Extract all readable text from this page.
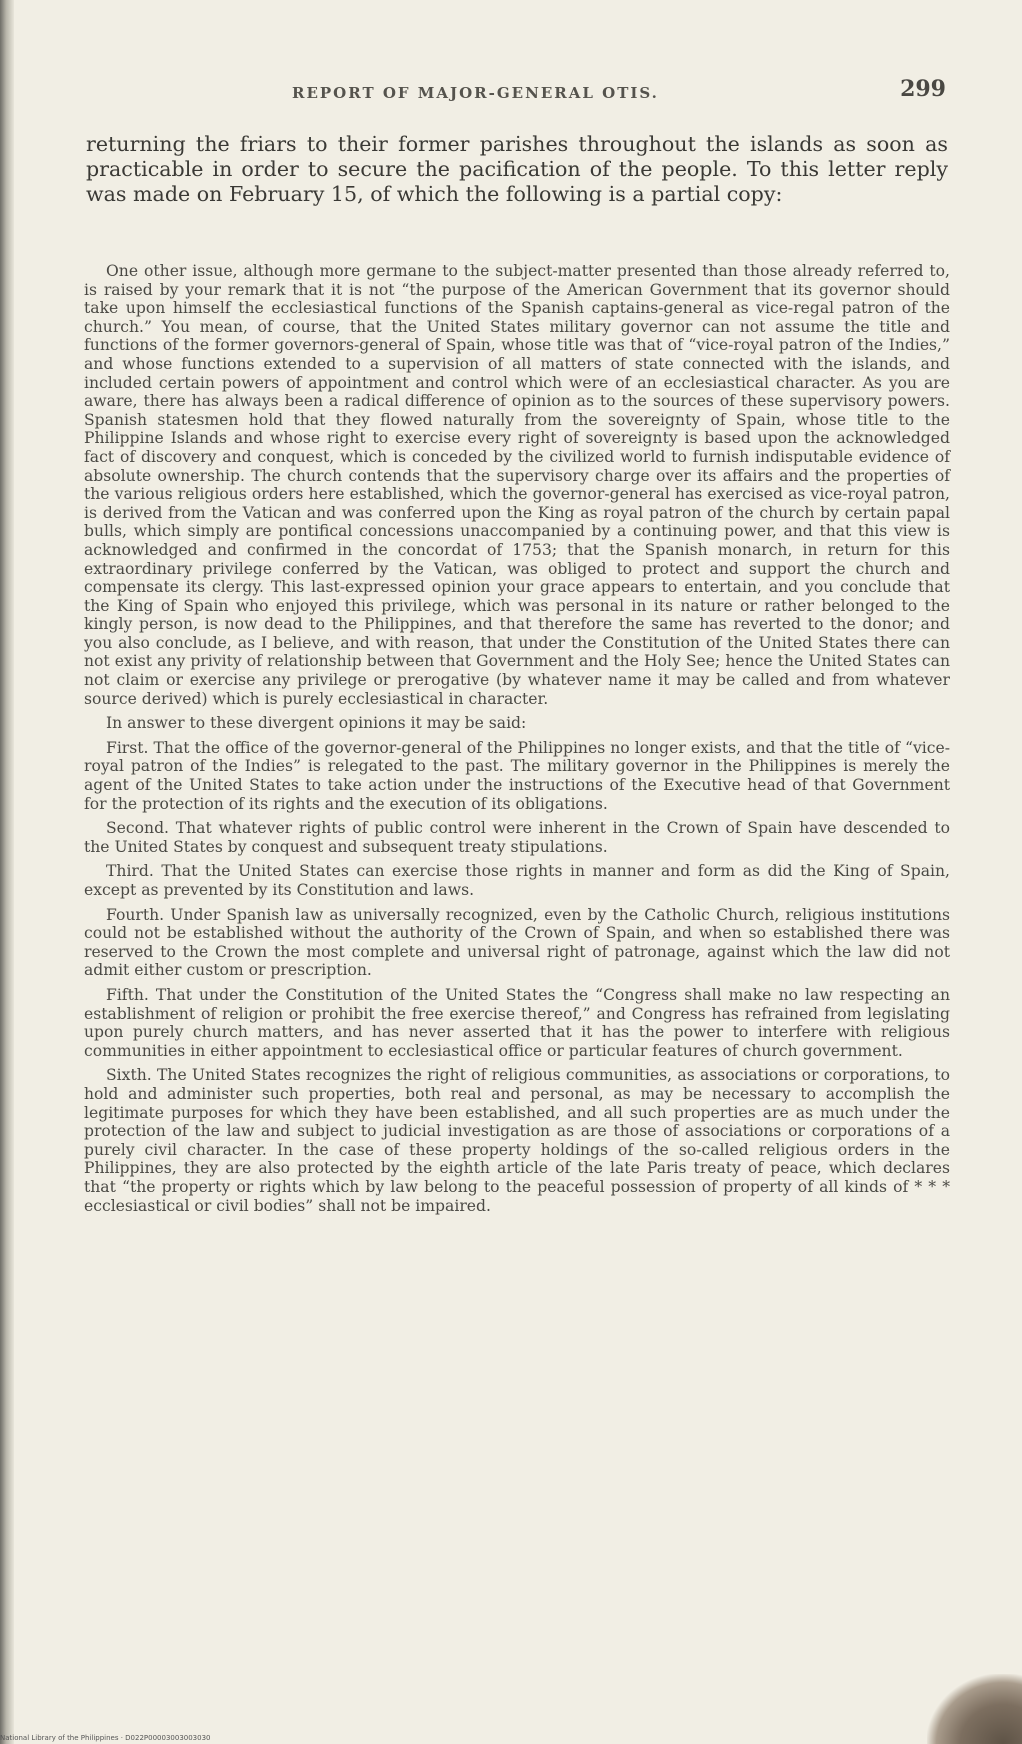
REPORT OF MAJOR-GENERAL OTIS.	299

returning the friars to their former parishes throughout the islands as soon as practicable in order to secure the pacification of the people. To this letter reply was made on February 15, of which the following is a partial copy:

One other issue, although more germane to the subject-matter presented than those already referred to, is raised by your remark that it is not “the purpose of the American Government that its governor should take upon himself the ecclesiastical functions of the Spanish captains-general as vice-regal patron of the church.” You mean, of course, that the United States military governor can not assume the title and functions of the former governors-general of Spain, whose title was that of “vice-royal patron of the Indies,” and whose functions extended to a supervision of all matters of state connected with the islands, and included certain powers of appointment and control which were of an ecclesiastical character. As you are aware, there has always been a radical difference of opinion as to the sources of these supervisory powers. Spanish statesmen hold that they flowed naturally from the sovereignty of Spain, whose title to the Philippine Islands and whose right to exercise every right of sovereignty is based upon the acknowledged fact of discovery and conquest, which is conceded by the civilized world to furnish indisputable evidence of absolute ownership. The church contends that the supervisory charge over its affairs and the properties of the various religious orders here established, which the governor-general has exercised as vice-royal patron, is derived from the Vatican and was conferred upon the King as royal patron of the church by certain papal bulls, which simply are pontifical concessions unaccompanied by a continuing power, and that this view is acknowledged and confirmed in the concordat of 1753; that the Spanish monarch, in return for this extraordinary privilege conferred by the Vatican, was obliged to protect and support the church and compensate its clergy. This last-expressed opinion your grace appears to entertain, and you conclude that the King of Spain who enjoyed this privilege, which was personal in its nature or rather belonged to the kingly person, is now dead to the Philippines, and that therefore the same has reverted to the donor; and you also conclude, as I believe, and with reason, that under the Constitution of the United States there can not exist any privity of relationship between that Government and the Holy See; hence the United States can not claim or exercise any privilege or prerogative (by whatever name it may be called and from whatever source derived) which is purely ecclesiastical in character.

In answer to these divergent opinions it may be said:

First. That the office of the governor-general of the Philippines no longer exists, and that the title of “vice-royal patron of the Indies” is relegated to the past. The military governor in the Philippines is merely the agent of the United States to take action under the instructions of the Executive head of that Government for the protection of its rights and the execution of its obligations.

Second. That whatever rights of public control were inherent in the Crown of Spain have descended to the United States by conquest and subsequent treaty stipulations.

Third. That the United States can exercise those rights in manner and form as did the King of Spain, except as prevented by its Constitution and laws.

Fourth. Under Spanish law as universally recognized, even by the Catholic Church, religious institutions could not be established without the authority of the Crown of Spain, and when so established there was reserved to the Crown the most complete and universal right of patronage, against which the law did not admit either custom or prescription.

Fifth. That under the Constitution of the United States the “Congress shall make no law respecting an establishment of religion or prohibit the free exercise thereof,” and Congress has refrained from legislating upon purely church matters, and has never asserted that it has the power to interfere with religious communities in either appointment to ecclesiastical office or particular features of church government.

Sixth. The United States recognizes the right of religious communities, as associations or corporations, to hold and administer such properties, both real and personal, as may be necessary to accomplish the legitimate purposes for which they have been established, and all such properties are as much under the protection of the law and subject to judicial investigation as are those of associations or corporations of a purely civil character. In the case of these property holdings of the so-called religious orders in the Philippines, they are also protected by the eighth article of the late Paris treaty of peace, which declares that “the property or rights which by law belong to the peaceful possession of property of all kinds of * * * ecclesiastical or civil bodies” shall not be impaired.

National Library of the Philippines · D022P00003003003030
